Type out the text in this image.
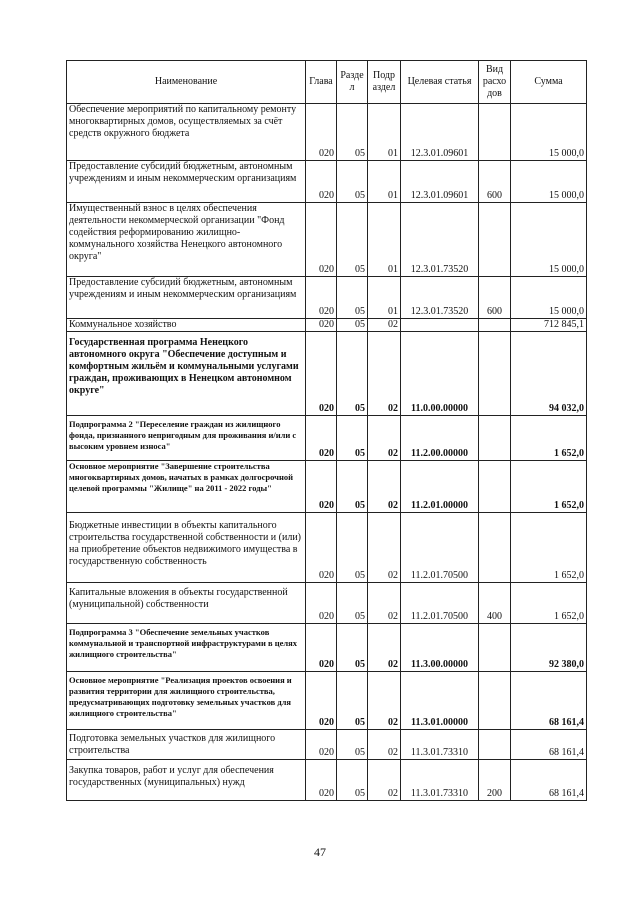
Наименование	Глава	Разде л	Подр аздел	Целевая статья	Вид расхо дов	Сумма
Обеспечение мероприятий по капитальному ремонту многоквартирных домов, осуществляемых за счёт средств окружного бюджета	020	05	01	12.3.01.09601		15 000,0
Предоставление субсидий бюджетным, автономным учреждениям и иным некоммерческим организациям	020	05	01	12.3.01.09601	600	15 000,0
Имущественный взнос в целях обеспечения деятельности некоммерческой организации "Фонд содействия реформированию жилищно-коммунального хозяйства Ненецкого автономного округа"	020	05	01	12.3.01.73520		15 000,0
Предоставление субсидий бюджетным, автономным учреждениям и иным некоммерческим организациям	020	05	01	12.3.01.73520	600	15 000,0
Коммунальное хозяйство	020	05	02			712 845,1
Государственная программа Ненецкого автономного округа "Обеспечение доступным и комфортным жильём и коммунальными услугами граждан, проживающих в Ненецком автономном округе"	020	05	02	11.0.00.00000		94 032,0
Подпрограмма 2 "Переселение граждан из жилищного фонда, признанного непригодным для проживания и/или с высоким уровнем износа"	020	05	02	11.2.00.00000		1 652,0
Основное мероприятие "Завершение строительства многоквартирных домов, начатых в рамках долгосрочной целевой программы "Жилище" на 2011 - 2022 годы"	020	05	02	11.2.01.00000		1 652,0
Бюджетные инвестиции в объекты капитального строительства государственной собственности и (или) на приобретение объектов недвижимого имущества в государственную собственность	020	05	02	11.2.01.70500		1 652,0
Капитальные вложения в объекты государственной (муниципальной) собственности	020	05	02	11.2.01.70500	400	1 652,0
Подпрограмма 3 "Обеспечение земельных участков коммунальной и транспортной инфраструктурами в целях жилищного строительства"	020	05	02	11.3.00.00000		92 380,0
Основное мероприятие "Реализация проектов освоения и развития территории для жилищного строительства, предусматривающих подготовку земельных участков для жилищного строительства"	020	05	02	11.3.01.00000		68 161,4
Подготовка земельных участков для жилищного строительства	020	05	02	11.3.01.73310		68 161,4
Закупка товаров, работ и услуг для обеспечения государственных (муниципальных) нужд	020	05	02	11.3.01.73310	200	68 161,4
47
